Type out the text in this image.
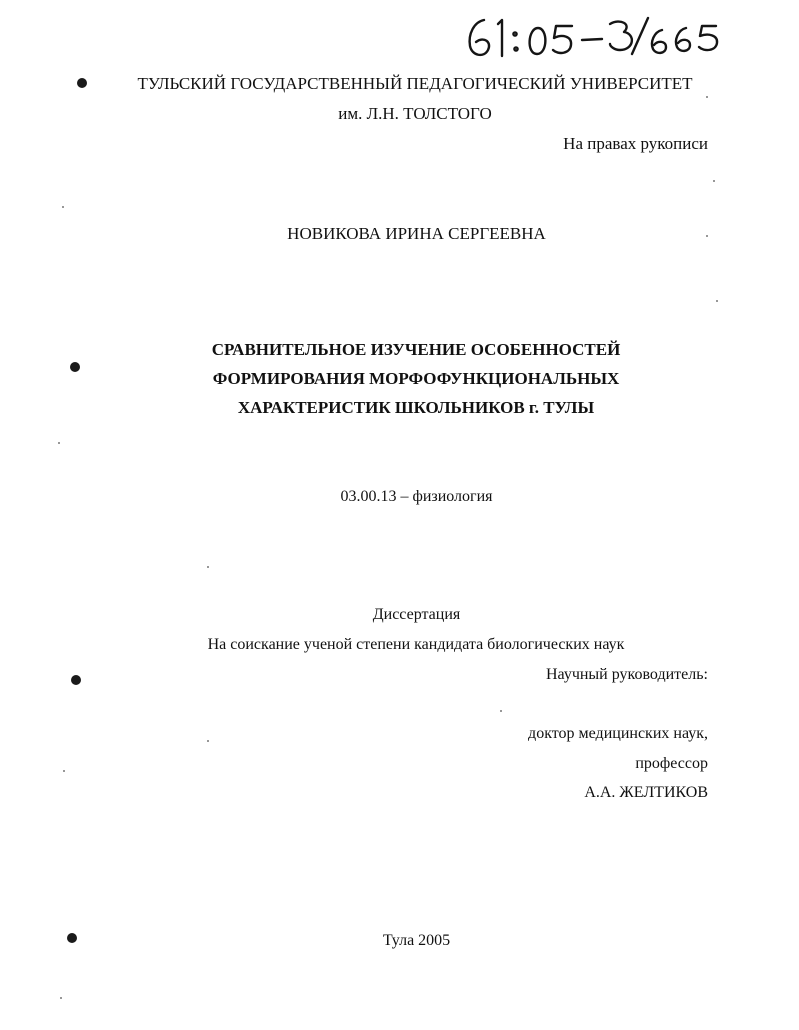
ТУЛЬСКИЙ ГОСУДАРСТВЕННЫЙ ПЕДАГОГИЧЕСКИЙ УНИВЕРСИТЕТ
им. Л.Н. ТОЛСТОГО
На правах рукописи
НОВИКОВА ИРИНА СЕРГЕЕВНА
СРАВНИТЕЛЬНОЕ ИЗУЧЕНИЕ ОСОБЕННОСТЕЙ
ФОРМИРОВАНИЯ МОРФОФУНКЦИОНАЛЬНЫХ
ХАРАКТЕРИСТИК ШКОЛЬНИКОВ г. ТУЛЫ
03.00.13 – физиология
Диссертация
На соискание ученой степени кандидата биологических наук
Научный руководитель:
доктор медицинских наук,
профессор
А.А. ЖЕЛТИКОВ
Тула 2005
